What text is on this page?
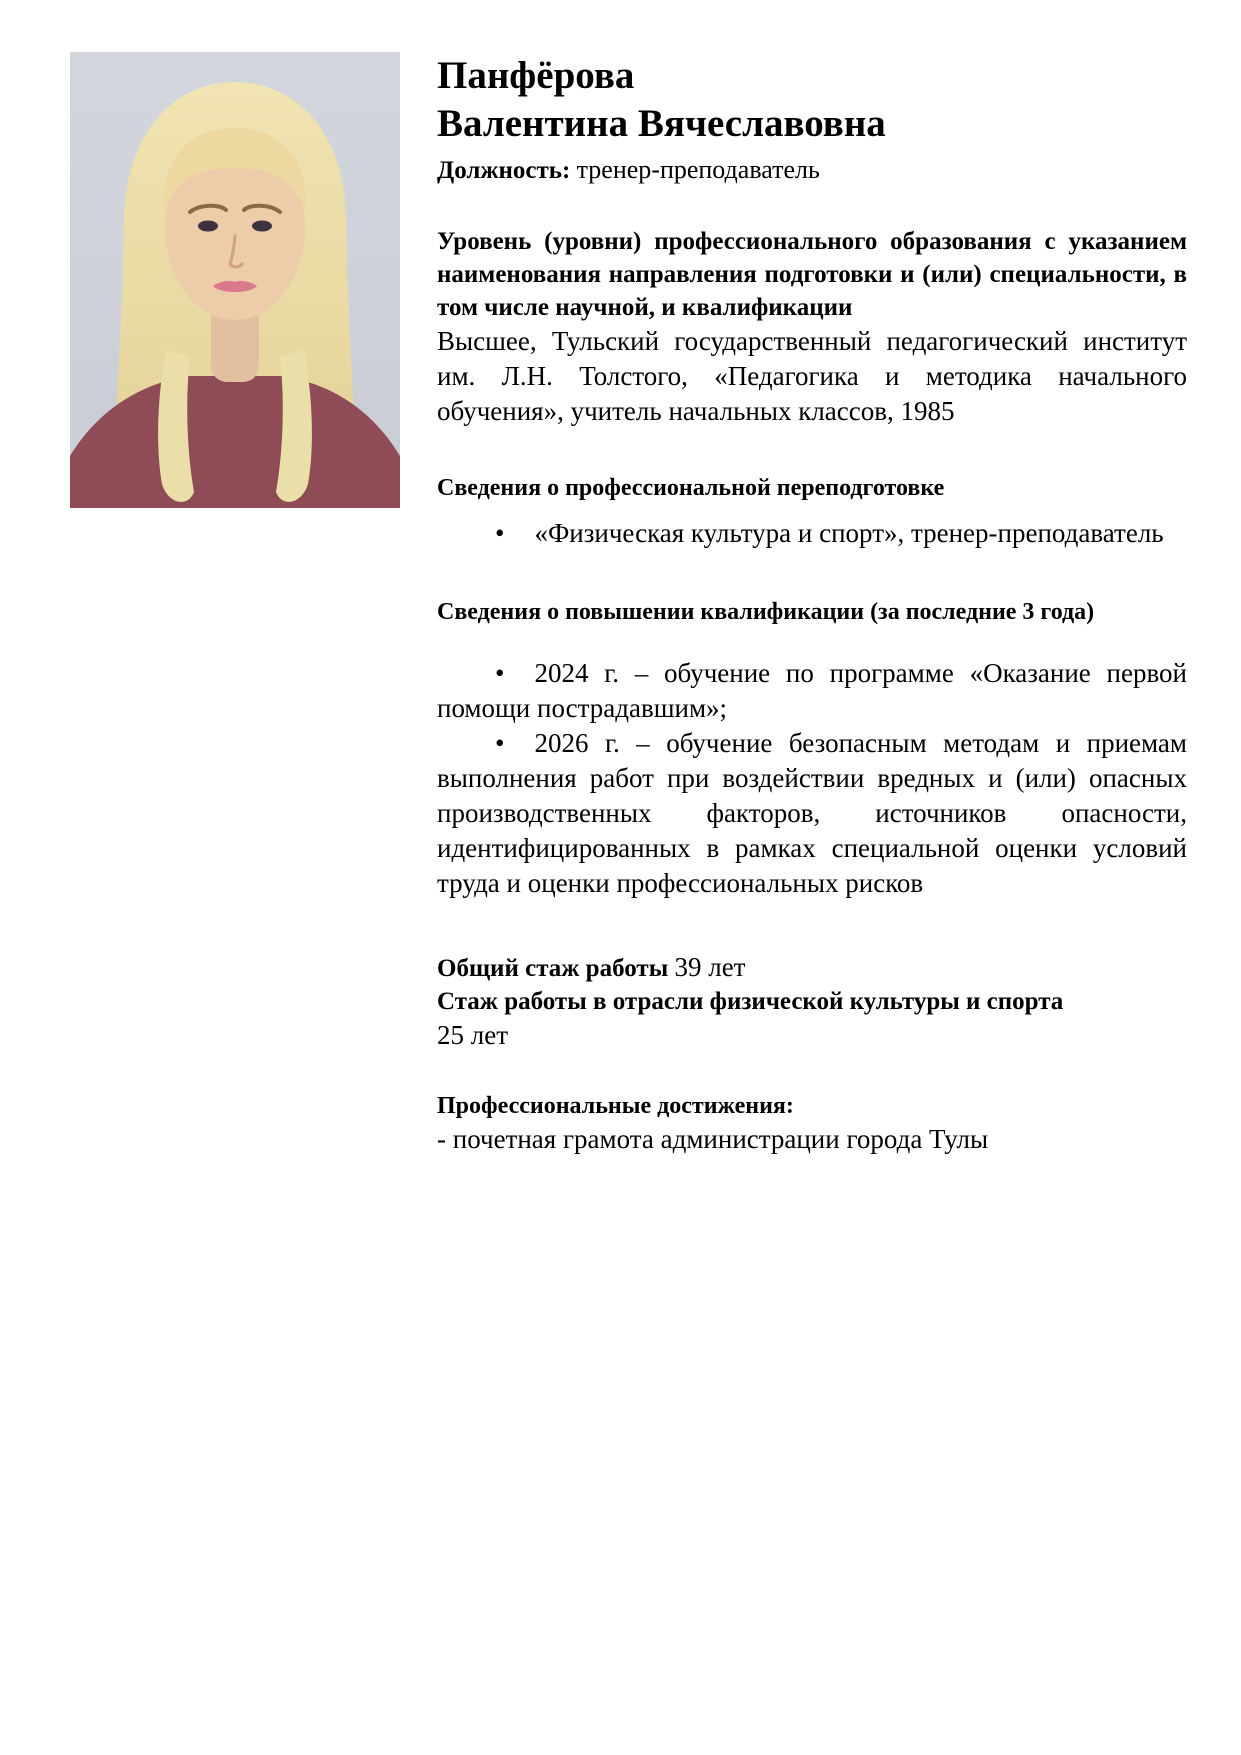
Панфёрова
Валентина Вячеславовна

Должность: тренер-преподаватель

Уровень (уровни) профессионального образования с указанием наименования направления подготовки и (или) специальности, в том числе научной, и квалификации

Высшее, Тульский государственный педагогический институт им. Л.Н. Толстого, «Педагогика и методика начального обучения», учитель начальных классов, 1985

Сведения о профессиональной переподготовке

• «Физическая культура и спорт», тренер-преподаватель

Сведения о повышении квалификации (за последние 3 года)

• 2024 г. – обучение по программе «Оказание первой помощи пострадавшим»;

• 2026 г. – обучение безопасным методам и приемам выполнения работ при воздействии вредных и (или) опасных производственных факторов, источников опасности, идентифицированных в рамках специальной оценки условий труда и оценки профессиональных рисков

Общий стаж работы 39 лет

Стаж работы в отрасли физической культуры и спорта

25 лет

Профессиональные достижения:

- почетная грамота администрации города Тулы
